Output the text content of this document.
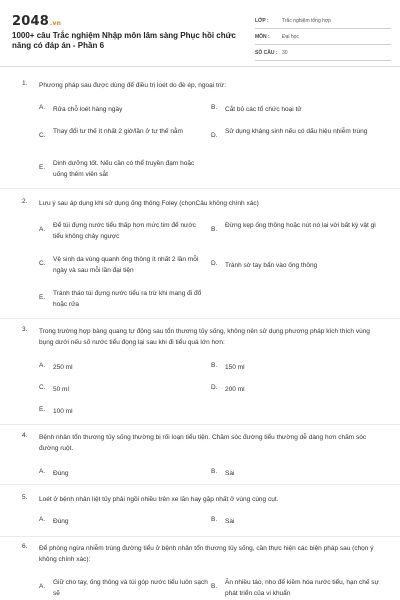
2048.vn
1000+ câu Trắc nghiệm Nhập môn lâm sàng Phục hồi chức năng có đáp án - Phần 6
LỚP :	Trắc nghiệm tổng hợp
MÔN :	Đại học
SỐ CÂU : 30
1. Phương pháp sau được dùng để điều trị loét do đè ép, ngoại trừ:
A. Rửa chỗ loét hàng ngày	B. Cắt bỏ các tổ chức hoại tử
C.
Thay đổi tư thế ít nhất 2 giờ/lần ở tư thế nằm
D.
Sử dụng kháng sinh nếu có dấu hiệu nhiễm trùng
E.
Dinh dưỡng tốt. Nếu cần có thể truyền đạm hoặc uống thêm viên sắt
2. Lưu ý sau áp dụng khi sử dụng ống thông Foley (chọnCâu không chính xác)
A.
Để túi đựng nước tiểu thấp hơn mức tim để nước tiểu không chảy ngược
B.
Đừng kẹp ống thông hoặc nút nó lại với bất kỳ vật gì
C.
Vệ sinh da vùng quanh ống thông ít nhất 2 lần mỗi ngày và sau mỗi lần đại tiện
D. Tránh sờ tay bẩn vào ống thông
E.
Tránh tháo túi đựng nước tiểu ra trừ khi mang đi đổ hoặc rửa
3. Trong trường hợp bàng quang tự động sau tổn thương tủy sống, không nên sử dụng phương pháp kích thích vùng bụng dưới nếu số nước tiểu đọng lại sau khi đi tiểu quá lớn hơn:
A. 250 ml	B. 150 ml
C. 50 ml	D. 200 ml
E. 100 ml
4. Bệnh nhân tổn thương tủy sống thường bị rối loạn tiểu tiện. Chăm sóc đường tiểu thường dễ dàng hơn chăm sóc đường ruột.
A. Đúng	B. Sai
5. Loét ở bệnh nhân liệt tủy phải ngồi nhiều trên xe lăn hay gặp nhất ở vùng cùng cụt.
A. Đúng	B. Sai
6. Để phòng ngừa nhiễm trùng đường tiểu ở bệnh nhân tổn thương tủy sống, cần thực hiện các biện pháp sau (chọn ý không chính xác):
A.
Giữ cho tay, ống thông và túi góp nước tiểu luôn sạch sẽ
B.
Ăn nhiều táo, nho để kiềm hóa nước tiểu, hạn chế sự phát triển của vi khuẩn
